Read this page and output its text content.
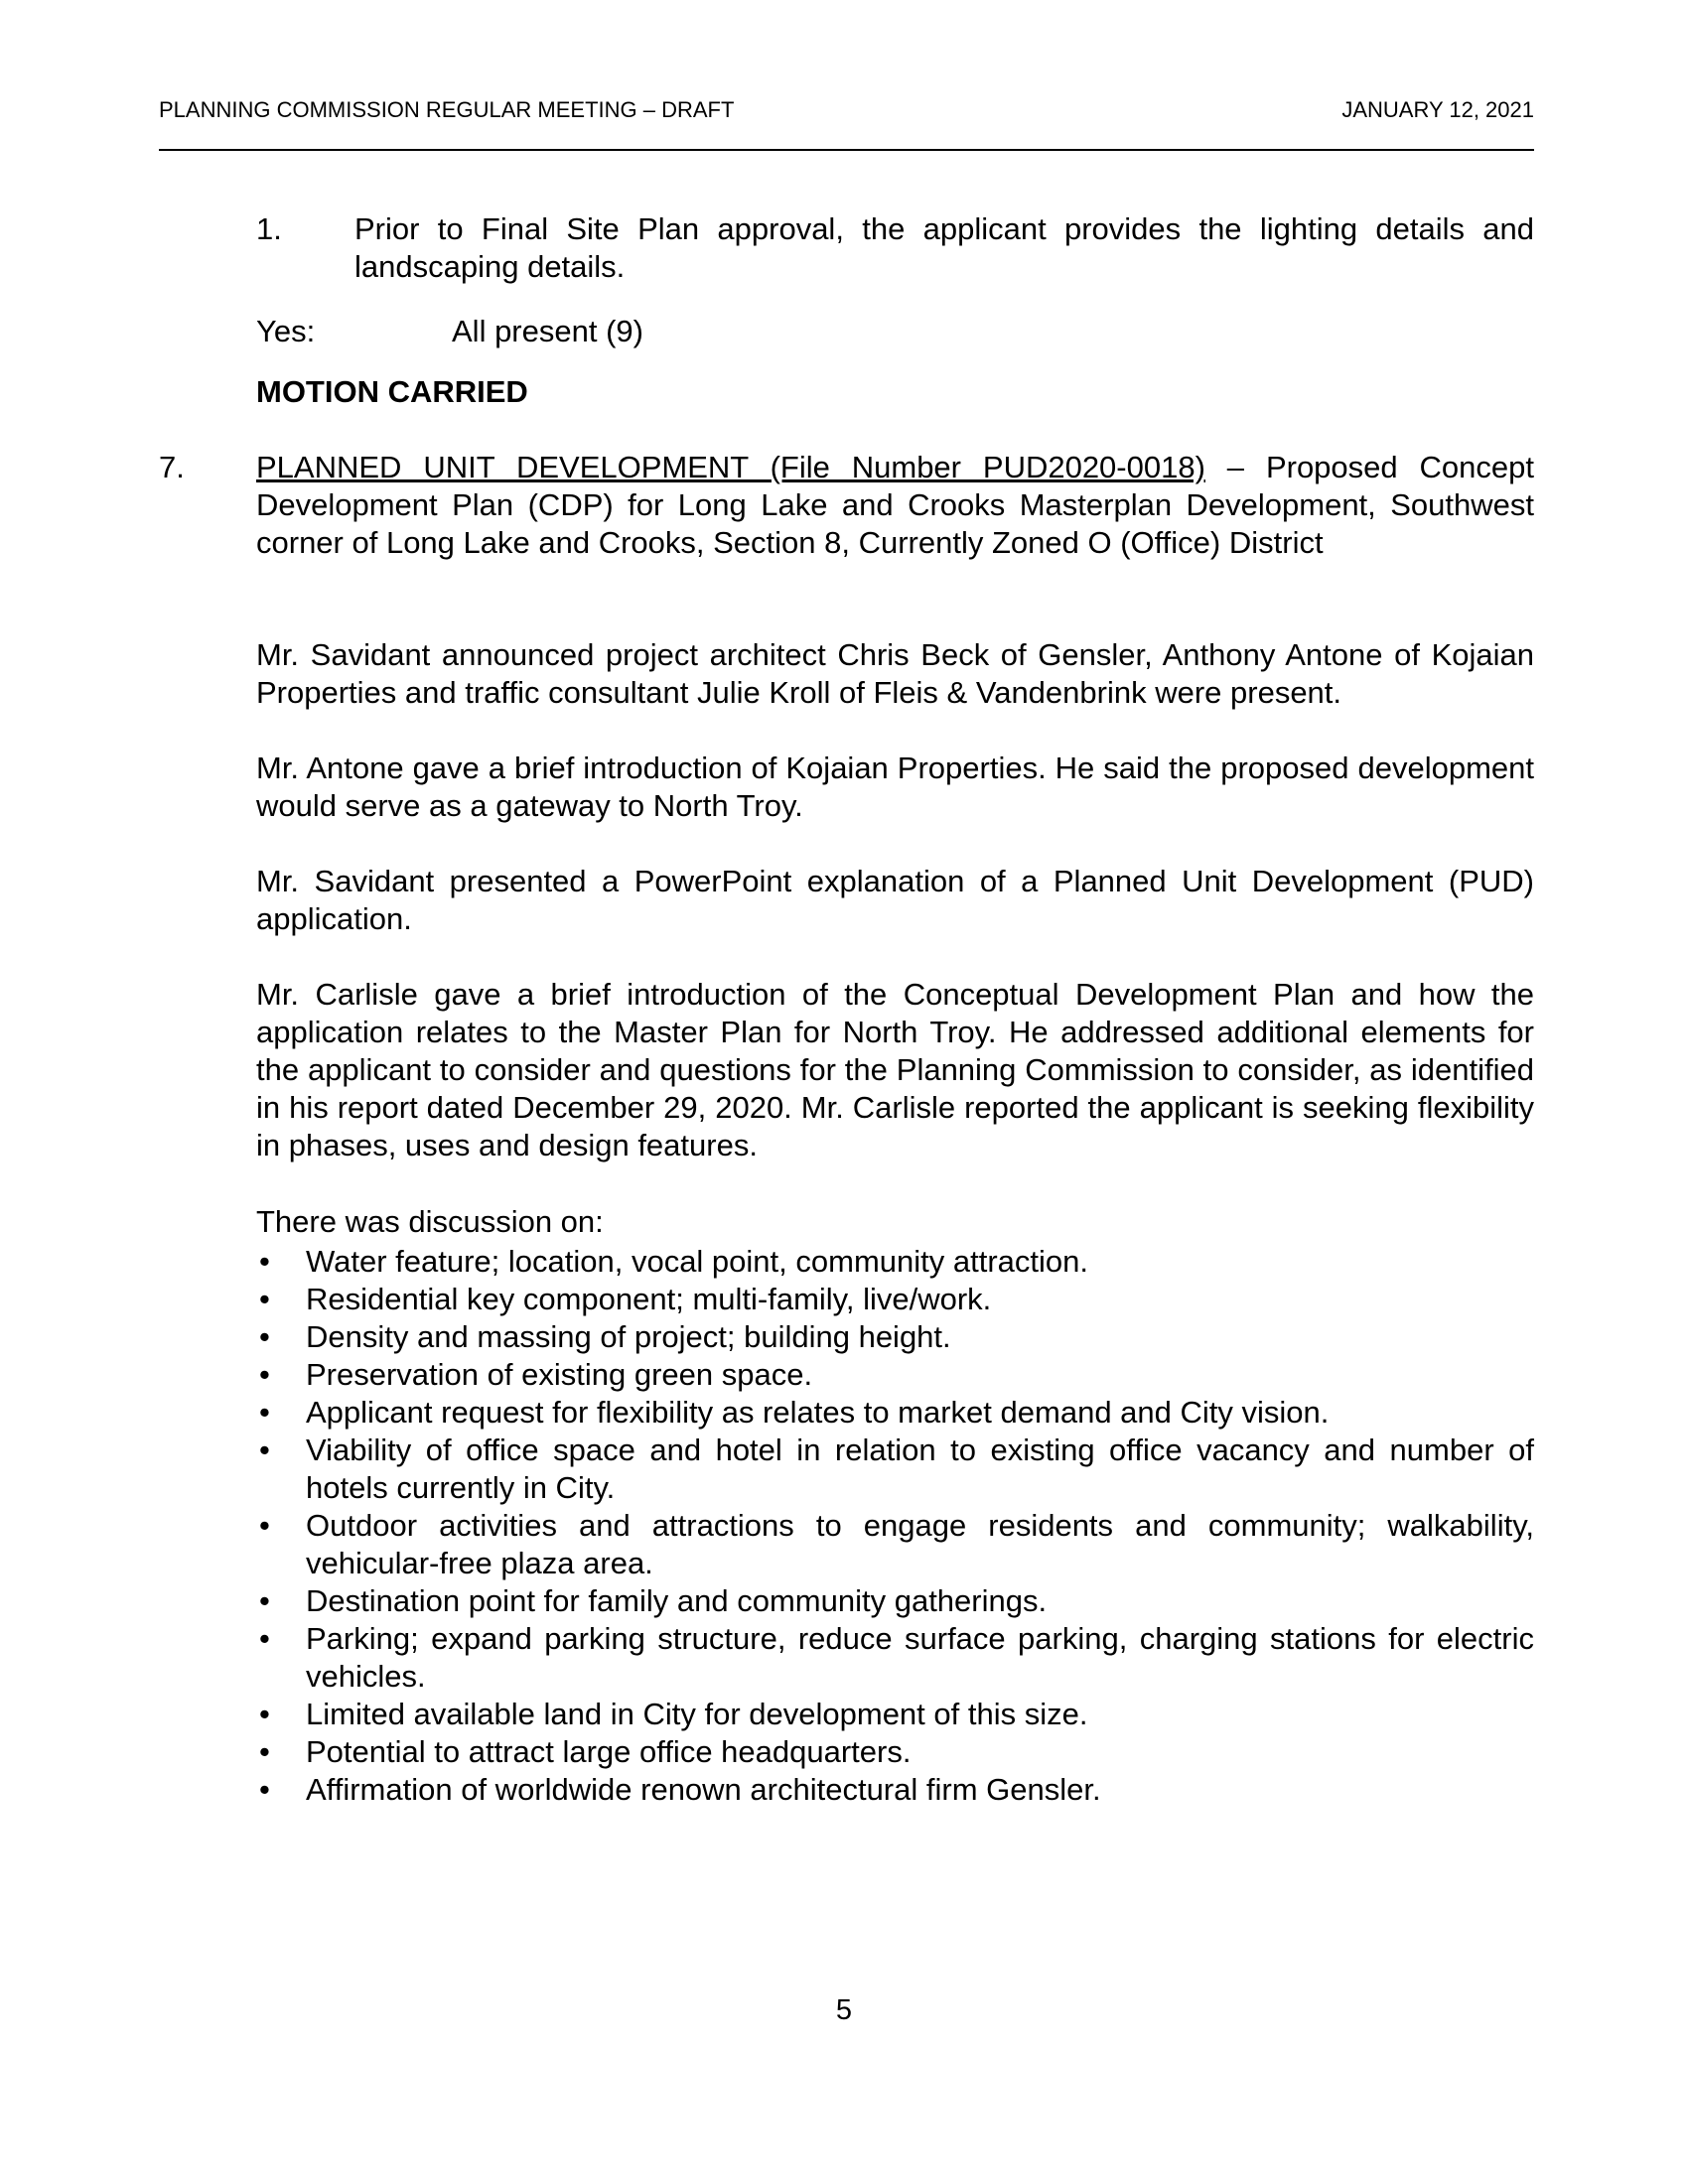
PLANNING COMMISSION REGULAR MEETING – DRAFT	JANUARY 12, 2021
1. Prior to Final Site Plan approval, the applicant provides the lighting details and landscaping details.
Yes:	All present (9)
MOTION CARRIED
7. PLANNED UNIT DEVELOPMENT (File Number PUD2020-0018) – Proposed Concept Development Plan (CDP) for Long Lake and Crooks Masterplan Development, Southwest corner of Long Lake and Crooks, Section 8, Currently Zoned O (Office) District
Mr. Savidant announced project architect Chris Beck of Gensler, Anthony Antone of Kojaian Properties and traffic consultant Julie Kroll of Fleis & Vandenbrink were present.
Mr. Antone gave a brief introduction of Kojaian Properties. He said the proposed development would serve as a gateway to North Troy.
Mr. Savidant presented a PowerPoint explanation of a Planned Unit Development (PUD) application.
Mr. Carlisle gave a brief introduction of the Conceptual Development Plan and how the application relates to the Master Plan for North Troy. He addressed additional elements for the applicant to consider and questions for the Planning Commission to consider, as identified in his report dated December 29, 2020. Mr. Carlisle reported the applicant is seeking flexibility in phases, uses and design features.
There was discussion on:
• Water feature; location, vocal point, community attraction.
• Residential key component; multi-family, live/work.
• Density and massing of project; building height.
• Preservation of existing green space.
• Applicant request for flexibility as relates to market demand and City vision.
• Viability of office space and hotel in relation to existing office vacancy and number of hotels currently in City.
• Outdoor activities and attractions to engage residents and community; walkability, vehicular-free plaza area.
• Destination point for family and community gatherings.
• Parking; expand parking structure, reduce surface parking, charging stations for electric vehicles.
• Limited available land in City for development of this size.
• Potential to attract large office headquarters.
• Affirmation of worldwide renown architectural firm Gensler.
5
